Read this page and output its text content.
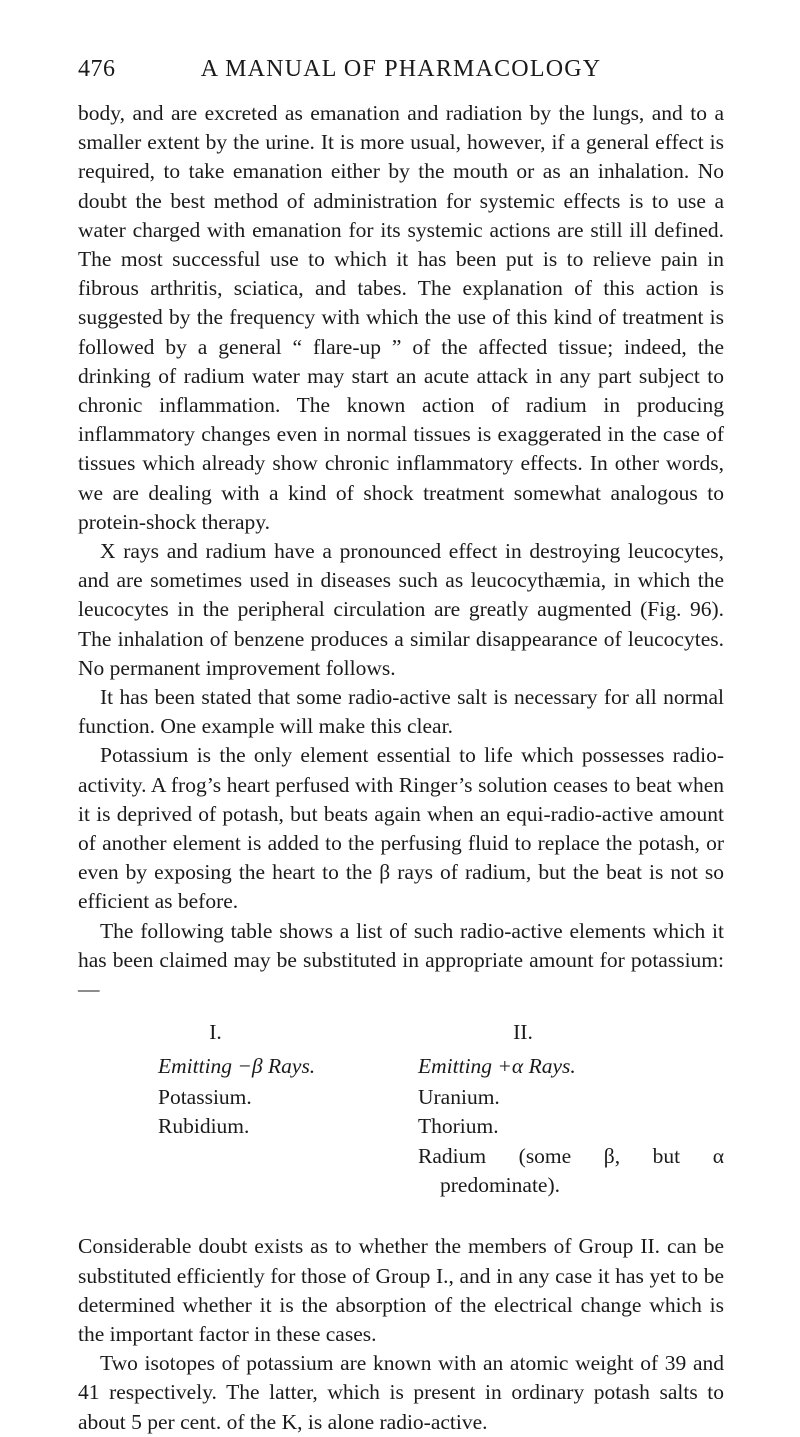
476	A MANUAL OF PHARMACOLOGY

body, and are excreted as emanation and radiation by the lungs, and to a smaller extent by the urine. It is more usual, however, if a general effect is required, to take emanation either by the mouth or as an inhalation. No doubt the best method of administration for systemic effects is to use a water charged with emanation for its systemic actions are still ill defined. The most successful use to which it has been put is to relieve pain in fibrous arthritis, sciatica, and tabes. The explanation of this action is suggested by the frequency with which the use of this kind of treatment is followed by a general “ flare-up ” of the affected tissue; indeed, the drinking of radium water may start an acute attack in any part subject to chronic inflammation. The known action of radium in producing inflammatory changes even in normal tissues is exaggerated in the case of tissues which already show chronic inflammatory effects. In other words, we are dealing with a kind of shock treatment somewhat analogous to protein-shock therapy.

X rays and radium have a pronounced effect in destroying leucocytes, and are sometimes used in diseases such as leucocythæmia, in which the leucocytes in the peripheral circulation are greatly augmented (Fig. 96). The inhalation of benzene produces a similar disappearance of leucocytes. No permanent improvement follows.

It has been stated that some radio-active salt is necessary for all normal function. One example will make this clear.

Potassium is the only element essential to life which possesses radio-activity. A frog’s heart perfused with Ringer’s solution ceases to beat when it is deprived of potash, but beats again when an equi-radio-active amount of another element is added to the perfusing fluid to replace the potash, or even by exposing the heart to the β rays of radium, but the beat is not so efficient as before.

The following table shows a list of such radio-active elements which it has been claimed may be substituted in appropriate amount for potassium:—

I.
Emitting −β Rays.
Potassium.
Rubidium.
II.
Emitting +α Rays.
Uranium.
Thorium.
Radium (some β, but α predominate).

Considerable doubt exists as to whether the members of Group II. can be substituted efficiently for those of Group I., and in any case it has yet to be determined whether it is the absorption of the electrical change which is the important factor in these cases.

Two isotopes of potassium are known with an atomic weight of 39 and 41 respectively. The latter, which is present in ordinary potash salts to about 5 per cent. of the K, is alone radio-active.
